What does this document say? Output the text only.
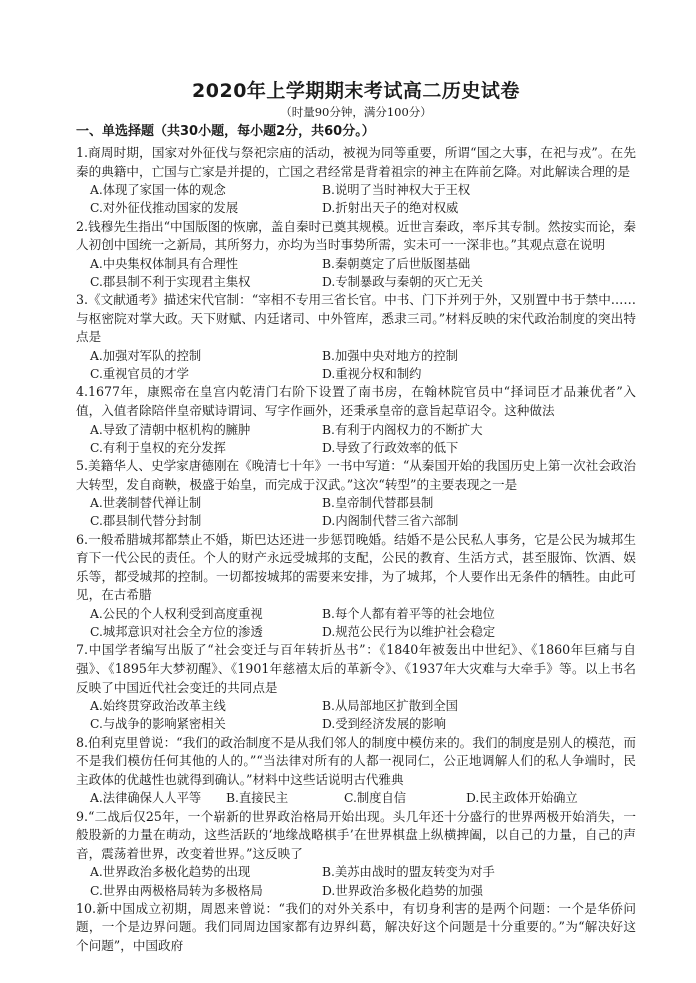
2020年上学期期末考试高二历史试卷
（时量90分钟，满分100分）
一、单选择题（共30小题，每小题2分，共60分。）

1.商周时期，国家对外征伐与祭祀宗庙的活动，被视为同等重要，所谓“国之大事，在祀与戎”。在先秦的典籍中，亡国与亡家是并提的，亡国之君经常是背着祖宗的神主在阵前乞降。对此解读合理的是

A.体现了家国一体的观念	B.说明了当时神权大于王权
C.对外征伐推动国家的发展	D.折射出天子的绝对权威

2.钱穆先生指出“中国版图的恢廓，盖自秦时已奠其规模。近世言秦政，率斥其专制。然按实而论，秦人初创中国统一之新局，其所努力，亦均为当时事势所需，实未可一一深非也。”其观点意在说明

A.中央集权体制具有合理性	B.秦朝奠定了后世版图基础
C.郡县制不利于实现君主集权	D.专制暴政与秦朝的灭亡无关

3.《文献通考》描述宋代官制：“宰相不专用三省长官。中书、门下并列于外，又别置中书于禁中……与枢密院对掌大政。天下财赋、内廷诸司、中外管库，悉隶三司。”材料反映的宋代政治制度的突出特点是

A.加强对军队的控制	B.加强中央对地方的控制
C.重视官员的才学	D.重视分权和制约

4.1677年，康熙帝在皇宫内乾清门右阶下设置了南书房，在翰林院官员中“择词臣才品兼优者”入值，入值者除陪伴皇帝赋诗谓词、写字作画外，还秉承皇帝的意旨起草诏令。这种做法

A.导致了清朝中枢机构的臃肿	B.有利于内阁权力的不断扩大
C.有利于皇权的充分发挥	D.导致了行政效率的低下

5.美籍华人、史学家唐德刚在《晚清七十年》一书中写道：“从秦国开始的我国历史上第一次社会政治大转型，发自商鞅，极盛于始皇，而完成于汉武。”这次“转型”的主要表现之一是

A.世袭制替代禅让制	B.皇帝制代替郡县制
C.郡县制代替分封制	D.内阁制代替三省六部制

6.一般希腊城邦都禁止不婚，斯巴达还进一步惩罚晚婚。结婚不是公民私人事务，它是公民为城邦生育下一代公民的责任。个人的财产永远受城邦的支配，公民的教育、生活方式，甚至服饰、饮酒、娱乐等，都受城邦的控制。一切都按城邦的需要来安排，为了城邦，个人要作出无条件的牺牲。由此可见，在古希腊

A.公民的个人权利受到高度重视	B.每个人都有着平等的社会地位
C.城邦意识对社会全方位的渗透	D.规范公民行为以维护社会稳定

7.中国学者编写出版了“社会变迁与百年转折丛书”：《1840年被轰出中世纪》、《1860年巨痛与自强》、《1895年大梦初醒》、《1901年慈禧太后的革新令》、《1937年大灾难与大牵手》等。以上书名反映了中国近代社会变迁的共同点是

A.始终贯穿政治改革主线	B.从局部地区扩散到全国
C.与战争的影响紧密相关	D.受到经济发展的影响

8.伯利克里曾说：“我们的政治制度不是从我们邻人的制度中模仿来的。我们的制度是别人的模范，而不是我们模仿任何其他的人的。”“当法律对所有的人都一视同仁，公正地调解人们的私人争端时，民主政体的优越性也就得到确认。”材料中这些话说明古代雅典

A.法律确保人人平等	B.直接民主	C.制度自信	D.民主政体开始确立

9.“二战后仅25年，一个崭新的世界政治格局开始出现。头几年还十分盛行的世界两极开始消失，一般股新的力量在萌动，这些活跃的‘地缘战略棋手’在世界棋盘上纵横捭阖，以自己的力量，自己的声音，震荡着世界，改变着世界。”这反映了

A.世界政治多极化趋势的出现	B.美苏由战时的盟友转变为对手
C.世界由两极格局转为多极格局	D.世界政治多极化趋势的加强

10.新中国成立初期，周恩来曾说：“我们的对外关系中，有切身利害的是两个问题：一个是华侨问题，一个是边界问题。我们同周边国家都有边界纠葛，解决好这个问题是十分重要的。”为“解决好这个问题”，中国政府
